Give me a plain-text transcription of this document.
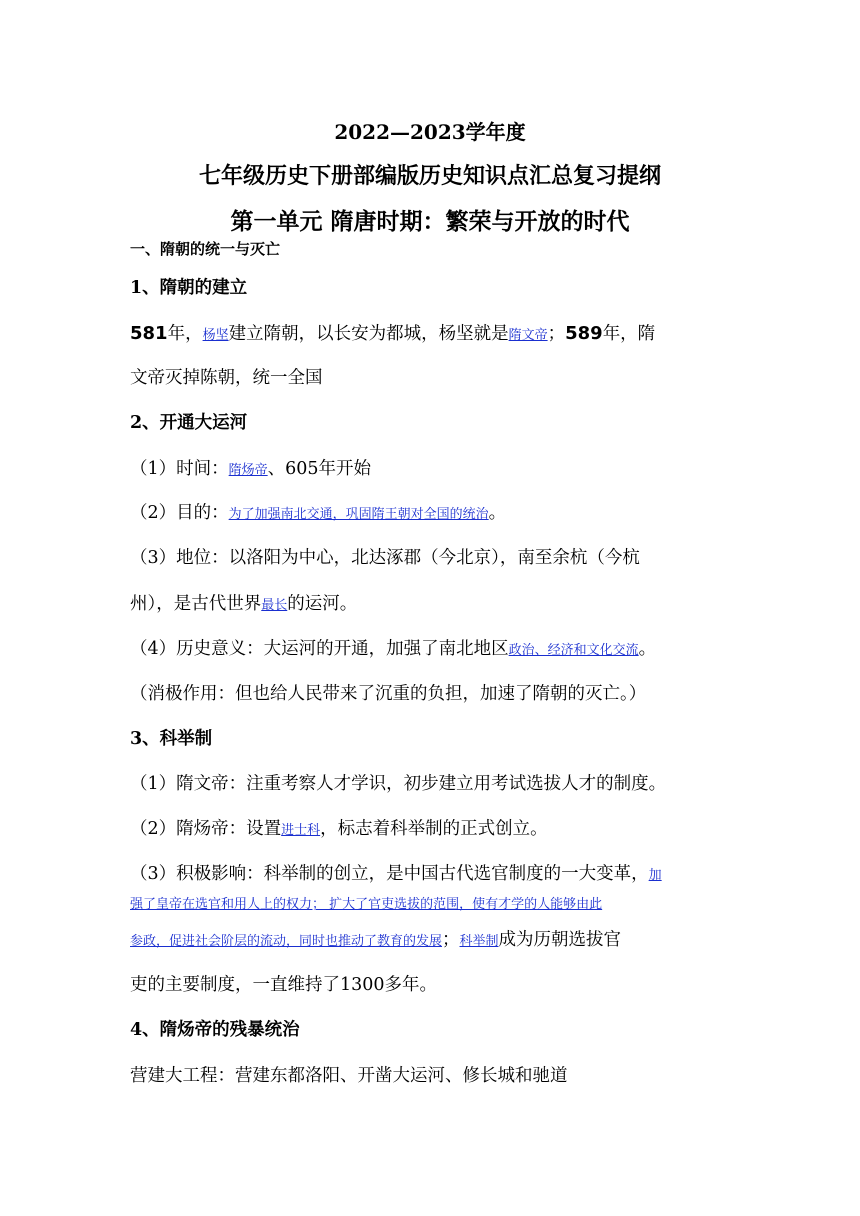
2022—2023学年度
七年级历史下册部编版历史知识点汇总复习提纲
第一单元 隋唐时期：繁荣与开放的时代
一、隋朝的统一与灭亡
1、隋朝的建立
581年，杨坚建立隋朝，以长安为都城，杨坚就是隋文帝；589年，隋
文帝灭掉陈朝，统一全国
2、开通大运河
（1）时间：隋炀帝、605年开始
（2）目的：为了加强南北交通，巩固隋王朝对全国的统治。
（3）地位：以洛阳为中心，北达涿郡（今北京），南至余杭（今杭
州），是古代世界最长的运河。
（4）历史意义：大运河的开通，加强了南北地区政治、经济和文化交流。
（消极作用：但也给人民带来了沉重的负担，加速了隋朝的灭亡。）
3、科举制
（1）隋文帝：注重考察人才学识，初步建立用考试选拔人才的制度。
（2）隋炀帝：设置进士科，标志着科举制的正式创立。
（3）积极影响：科举制的创立，是中国古代选官制度的一大变革，加
强了皇帝在选官和用人上的权力； 扩大了官吏选拔的范围，使有才学的人能够由此
参政，促进社会阶层的流动，同时也推动了教育的发展；科举制成为历朝选拔官
吏的主要制度，一直维持了1300多年。
4、隋炀帝的残暴统治
营建大工程：营建东都洛阳、开凿大运河、修长城和驰道
